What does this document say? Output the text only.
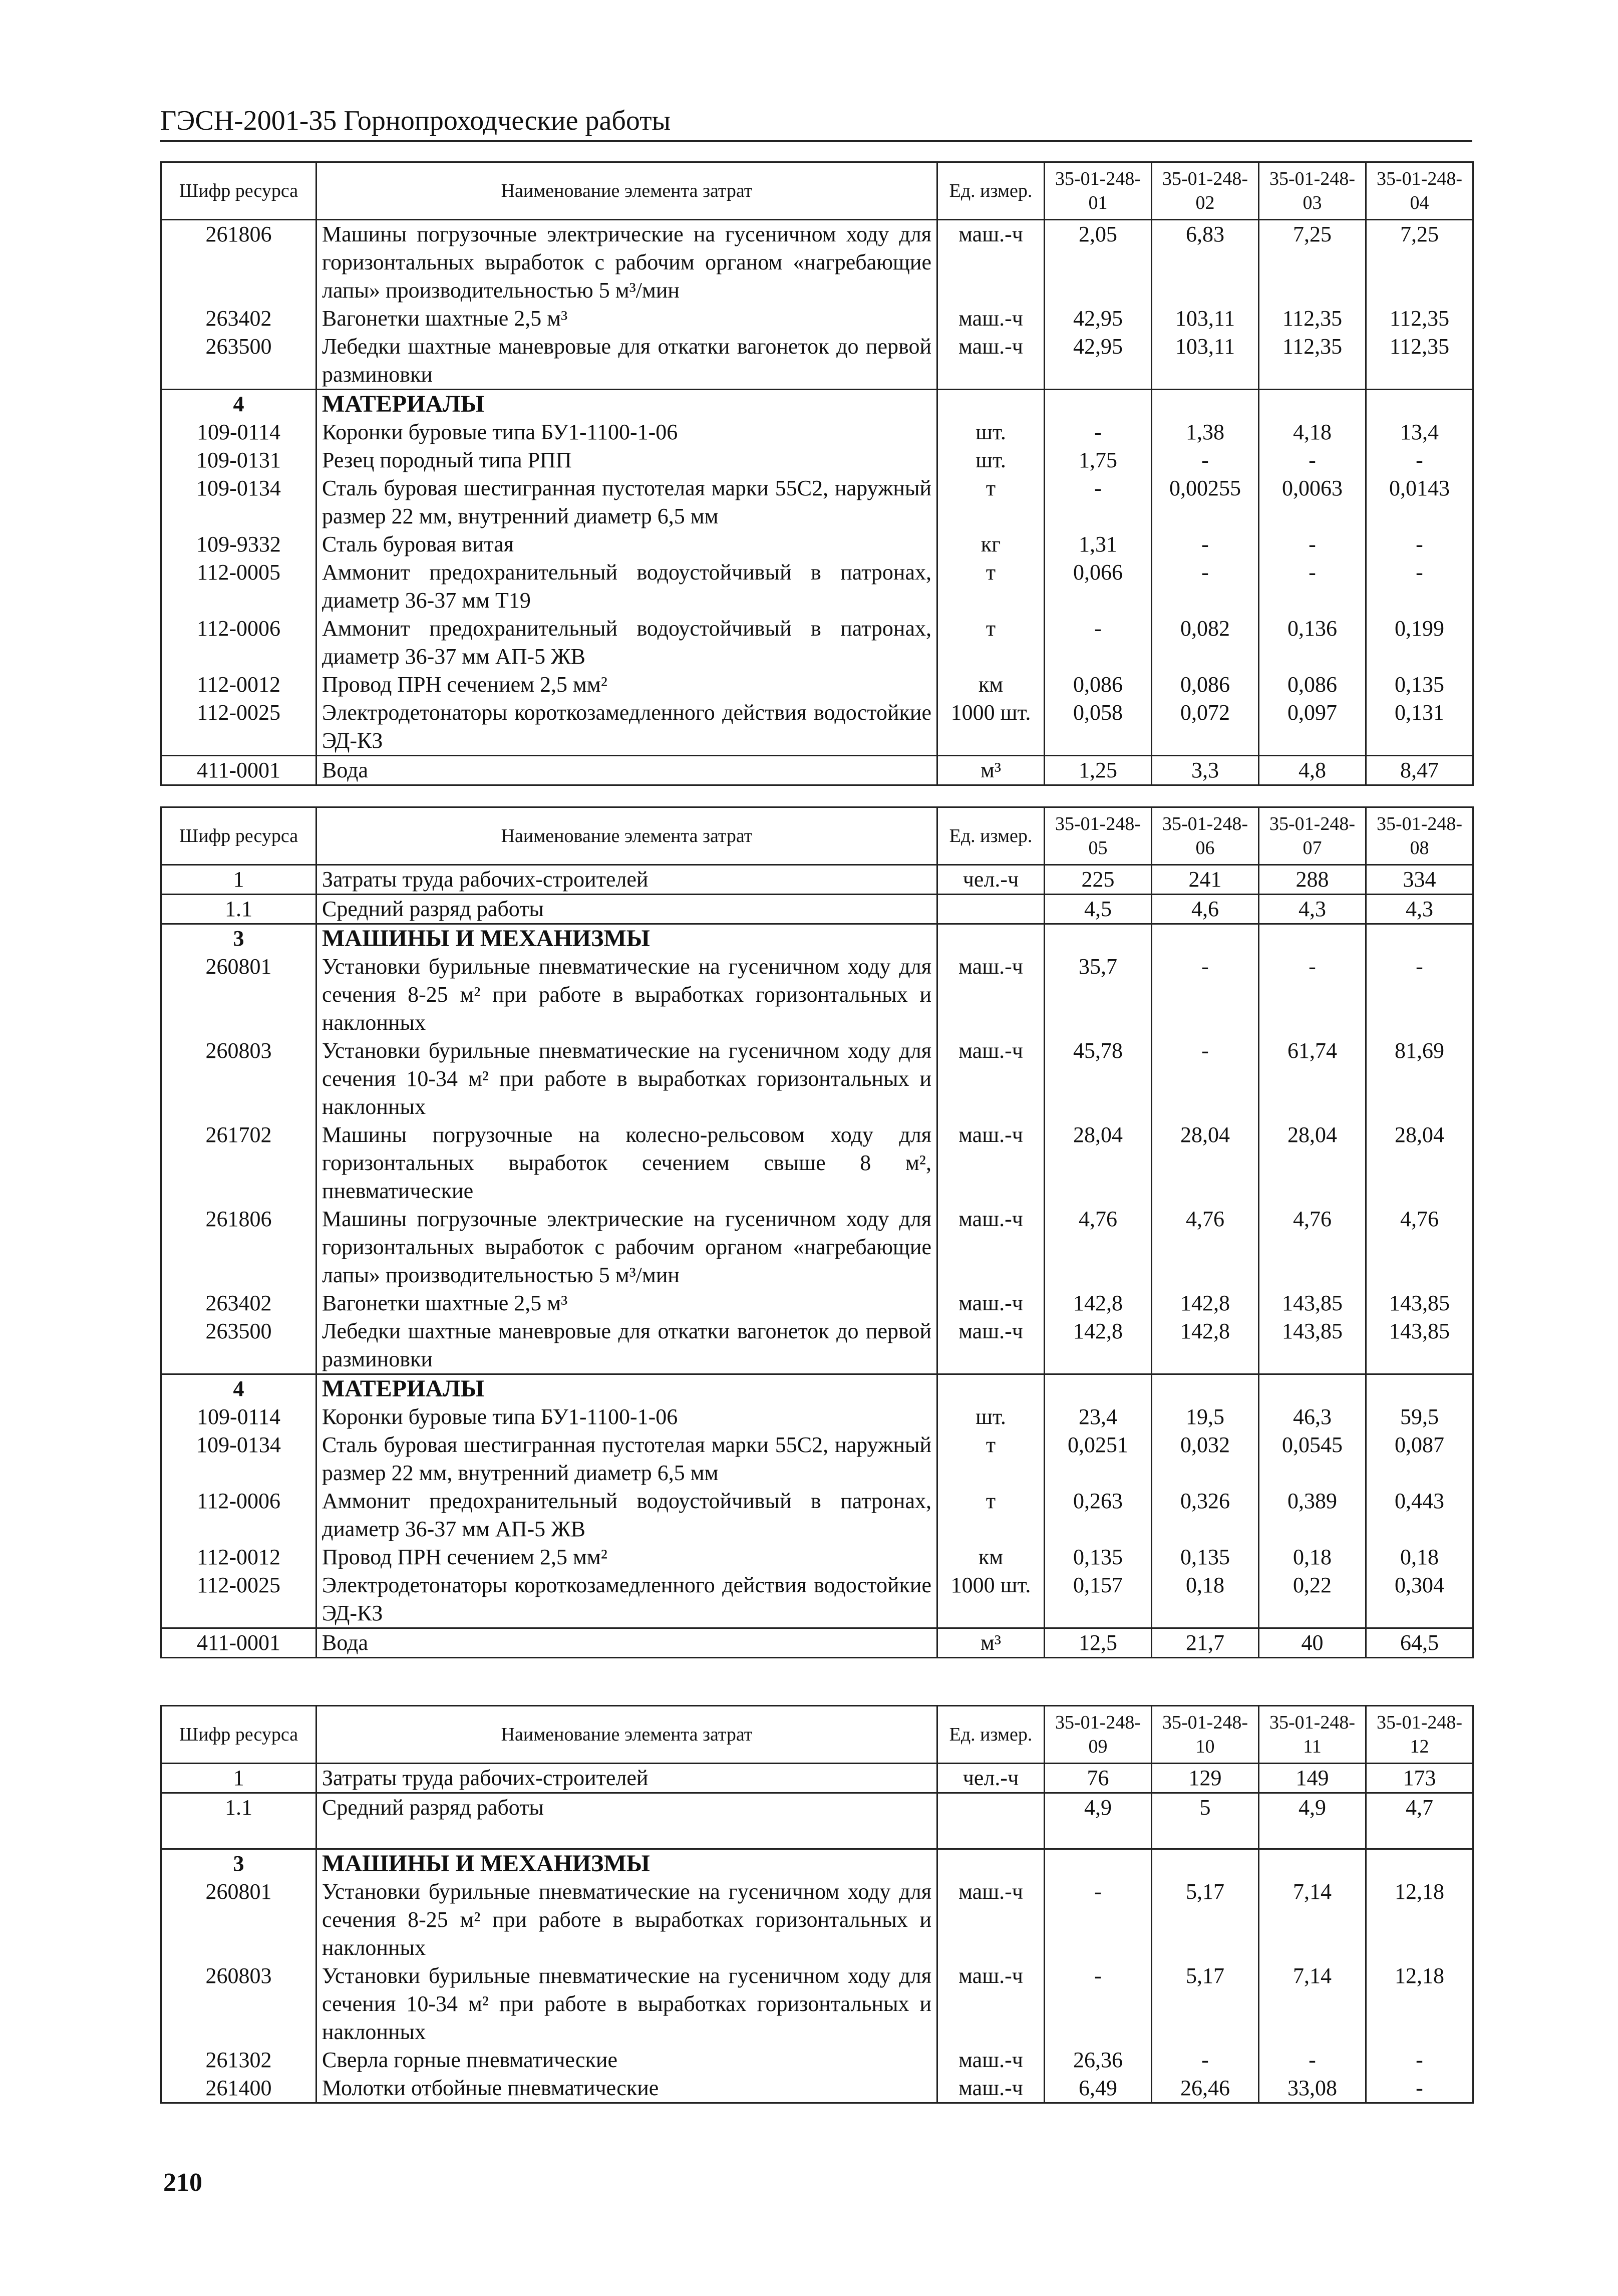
ГЭСН-2001-35 Горнопроходческие работы
Шифр ресурса	Наименование элемента затрат	Ед. измер.	35-01-248-01	35-01-248-02	35-01-248-03	35-01-248-04
261806	Машины погрузочные электрические на гусеничном ходу для горизонтальных выработок с рабочим органом «нагребающие лапы» производительностью 5 м³/мин	маш.-ч	2,05	6,83	7,25	7,25
263402	Вагонетки шахтные 2,5 м³	маш.-ч	42,95	103,11	112,35	112,35
263500	Лебедки шахтные маневровые для откатки вагонеток до первой разминовки	маш.-ч	42,95	103,11	112,35	112,35
4	МАТЕРИАЛЫ					
109-0114	Коронки буровые типа БУ1-1100-1-06	шт.	-	1,38	4,18	13,4
109-0131	Резец породный типа РПП	шт.	1,75	-	-	-
109-0134	Сталь буровая шестигранная пустотелая марки 55С2, наружный размер 22 мм, внутренний диаметр 6,5 мм	т	-	0,00255	0,0063	0,0143
109-9332	Сталь буровая витая	кг	1,31	-	-	-
112-0005	Аммонит предохранительный водоустойчивый в патронах, диаметр 36-37 мм Т19	т	0,066	-	-	-
112-0006	Аммонит предохранительный водоустойчивый в патронах, диаметр 36-37 мм АП-5 ЖВ	т	-	0,082	0,136	0,199
112-0012	Провод ПРН сечением 2,5 мм²	км	0,086	0,086	0,086	0,135
112-0025	Электродетонаторы короткозамедленного действия водостойкие ЭД-КЗ	1000 шт.	0,058	0,072	0,097	0,131
411-0001	Вода	м³	1,25	3,3	4,8	8,47
Шифр ресурса	Наименование элемента затрат	Ед. измер.	35-01-248-05	35-01-248-06	35-01-248-07	35-01-248-08
1	Затраты труда рабочих-строителей	чел.-ч	225	241	288	334
1.1	Средний разряд работы		4,5	4,6	4,3	4,3
3	МАШИНЫ И МЕХАНИЗМЫ					
260801	Установки бурильные пневматические на гусеничном ходу для сечения 8-25 м² при работе в выработках горизонтальных и наклонных	маш.-ч	35,7	-	-	-
260803	Установки бурильные пневматические на гусеничном ходу для сечения 10-34 м² при работе в выработках горизонтальных и наклонных	маш.-ч	45,78	-	61,74	81,69
261702	Машины погрузочные на колесно-рельсовом ходу для горизонтальных выработок сечением свыше 8 м², пневматические	маш.-ч	28,04	28,04	28,04	28,04
261806	Машины погрузочные электрические на гусеничном ходу для горизонтальных выработок с рабочим органом «нагребающие лапы» производительностью 5 м³/мин	маш.-ч	4,76	4,76	4,76	4,76
263402	Вагонетки шахтные 2,5 м³	маш.-ч	142,8	142,8	143,85	143,85
263500	Лебедки шахтные маневровые для откатки вагонеток до первой разминовки	маш.-ч	142,8	142,8	143,85	143,85
4	МАТЕРИАЛЫ					
109-0114	Коронки буровые типа БУ1-1100-1-06	шт.	23,4	19,5	46,3	59,5
109-0134	Сталь буровая шестигранная пустотелая марки 55С2, наружный размер 22 мм, внутренний диаметр 6,5 мм	т	0,0251	0,032	0,0545	0,087
112-0006	Аммонит предохранительный водоустойчивый в патронах, диаметр 36-37 мм АП-5 ЖВ	т	0,263	0,326	0,389	0,443
112-0012	Провод ПРН сечением 2,5 мм²	км	0,135	0,135	0,18	0,18
112-0025	Электродетонаторы короткозамедленного действия водостойкие ЭД-КЗ	1000 шт.	0,157	0,18	0,22	0,304
411-0001	Вода	м³	12,5	21,7	40	64,5
Шифр ресурса	Наименование элемента затрат	Ед. измер.	35-01-248-09	35-01-248-10	35-01-248-11	35-01-248-12
1	Затраты труда рабочих-строителей	чел.-ч	76	129	149	173
1.1	Средний разряд работы		4,9	5	4,9	4,7
3	МАШИНЫ И МЕХАНИЗМЫ					
260801	Установки бурильные пневматические на гусеничном ходу для сечения 8-25 м² при работе в выработках горизонтальных и наклонных	маш.-ч	-	5,17	7,14	12,18
260803	Установки бурильные пневматические на гусеничном ходу для сечения 10-34 м² при работе в выработках горизонтальных и наклонных	маш.-ч	-	5,17	7,14	12,18
261302	Сверла горные пневматические	маш.-ч	26,36	-	-	-
261400	Молотки отбойные пневматические	маш.-ч	6,49	26,46	33,08	-
210
